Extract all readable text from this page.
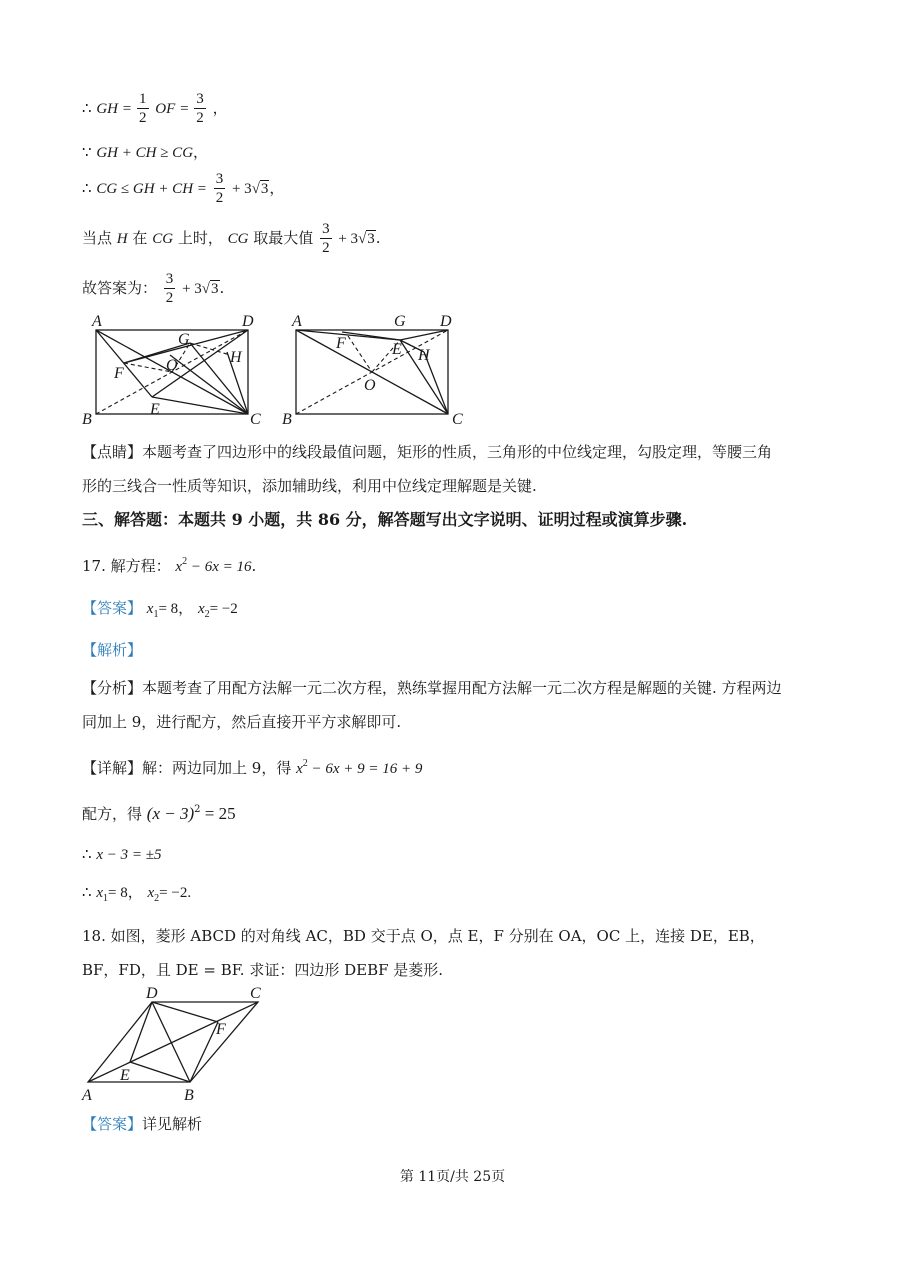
∴ GH = $\frac{1}{2}$ OF = $\frac{3}{2}$ ，
∵ GH + CH ≥ CG，
∴ CG ≤ GH + CH = $\frac{3}{2} + 3√3$，
当点 H 在 CG 上时， CG 取最大值 $\frac{3}{2} + 3√3$.
故答案为： $\frac{3}{2} + 3√3$.
A	D
G
O	H
F
E
B	C
A	G D
F	E H
O
B	C
【点睛】本题考查了四边形中的线段最值问题，矩形的性质，三角形的中位线定理，勾股定理，等腰三角
形的三线合一性质等知识，添加辅助线，利用中位线定理解题是关键.
三、解答题：本题共 9 小题，共 86 分，解答题写出文字说明、证明过程或演算步骤.
17. 解方程： $x^2 - 6x = 16$.
【答案】 $x_1= 8$， $x_2= -2$
【解析】
【分析】本题考查了用配方法解一元二次方程，熟练掌握用配方法解一元二次方程是解题的关键. 方程两边
同加上 9，进行配方，然后直接开平方求解即可.
【详解】解：两边同加上 9，得 $x^2 - 6x + 9 = 16 + 9$
配方，得 $(x - 3)^2 = 25$
∴ x − 3 = ±5
∴ $x_1= 8$， $x_2= -2$.
18. 如图，菱形 ABCD 的对角线 AC，BD 交于点 O，点 E，F 分别在 OA，OC 上，连接 DE，EB，
BF，FD，且 DE = BF. 求证：四边形 DEBF 是菱形.
D	C
F
E
A	B
【答案】详见解析
第 11页/共 25页
